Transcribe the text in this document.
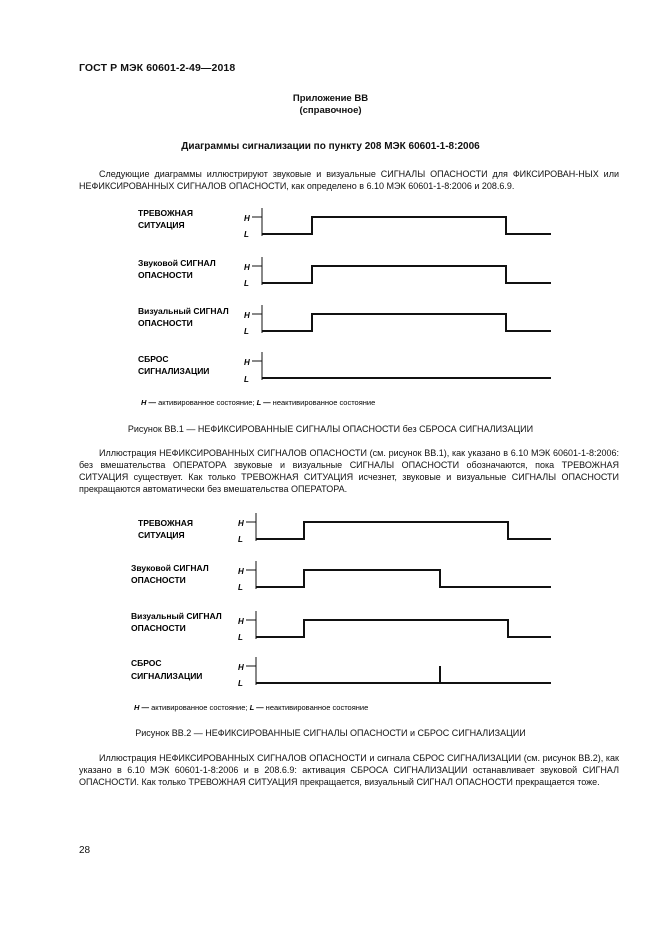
ГОСТ Р МЭК 60601-2-49—2018
Приложение ВВ
(справочное)
Диаграммы сигнализации по пункту 208 МЭК 60601-1-8:2006
Следующие диаграммы иллюстрируют звуковые и визуальные СИГНАЛЫ ОПАСНОСТИ для ФИКСИРОВАН-НЫХ или НЕФИКСИРОВАННЫХ СИГНАЛОВ ОПАСНОСТИ, как определено в 6.10 МЭК 60601-1-8:2006 и 208.6.9.
ТРЕВОЖНАЯ
СИТУАЦИЯ
H
L
Звуковой СИГНАЛ
ОПАСНОСТИ
H
L
Визуальный СИГНАЛ
ОПАСНОСТИ
H
L
СБРОС
СИГНАЛИЗАЦИИ
H
L
H — активированное состояние; L — неактивированное состояние
Рисунок ВВ.1 — НЕФИКСИРОВАННЫЕ СИГНАЛЫ ОПАСНОСТИ без СБРОСА СИГНАЛИЗАЦИИ
Иллюстрация НЕФИКСИРОВАННЫХ СИГНАЛОВ ОПАСНОСТИ (см. рисунок ВВ.1), как указано в 6.10 МЭК 60601-1-8:2006: без вмешательства ОПЕРАТОРА звуковые и визуальные СИГНАЛЫ ОПАСНОСТИ обозначаются, пока ТРЕВОЖНАЯ СИТУАЦИЯ существует. Как только ТРЕВОЖНАЯ СИТУАЦИЯ исчезнет, звуковые и визуальные СИГНАЛЫ ОПАСНОСТИ прекращаются автоматически без вмешательства ОПЕРАТОРА.
ТРЕВОЖНАЯ
СИТУАЦИЯ
H
L
Звуковой СИГНАЛ
ОПАСНОСТИ
H
L
Визуальный СИГНАЛ
ОПАСНОСТИ
H
L
СБРОС
СИГНАЛИЗАЦИИ
H
L
H — активированное состояние; L — неактивированное состояние
Рисунок ВВ.2 — НЕФИКСИРОВАННЫЕ СИГНАЛЫ ОПАСНОСТИ и СБРОС СИГНАЛИЗАЦИИ
Иллюстрация НЕФИКСИРОВАННЫХ СИГНАЛОВ ОПАСНОСТИ и сигнала СБРОС СИГНАЛИЗАЦИИ (см. рисунок ВВ.2), как указано в 6.10 МЭК 60601-1-8:2006 и в 208.6.9: активация СБРОСА СИГНАЛИЗАЦИИ останавливает звуковой СИГНАЛ ОПАСНОСТИ. Как только ТРЕВОЖНАЯ СИТУАЦИЯ прекращается, визуальный СИГНАЛ ОПАСНОСТИ прекращается тоже.
28
